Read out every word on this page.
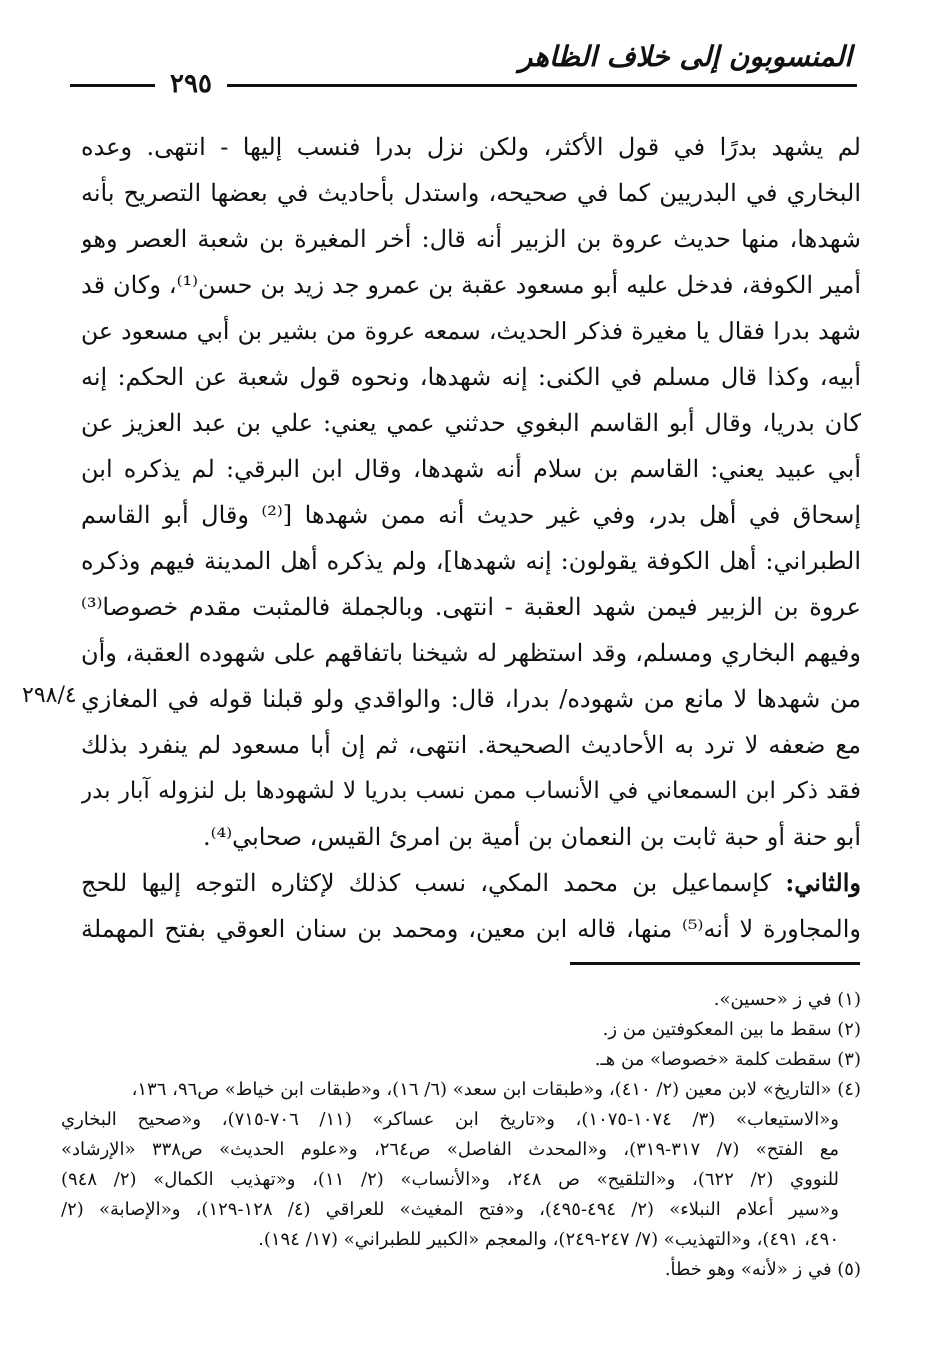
المنسوبون إلى خلاف الظاهر
٢٩٥
لم يشهد بدرًا في قول الأكثر، ولكن نزل بدرا فنسب إليها - انتهى. وعده
البخاري في البدريين كما في صحيحه، واستدل بأحاديث في بعضها التصريح بأنه
شهدها، منها حديث عروة بن الزبير أنه قال: أخر المغيرة بن شعبة العصر وهو
أمير الكوفة، فدخل عليه أبو مسعود عقبة بن عمرو جد زيد بن حسن⁽¹⁾، وكان قد
شهد بدرا فقال يا مغيرة فذكر الحديث، سمعه عروة من بشير بن أبي مسعود عن
أبيه، وكذا قال مسلم في الكنى: إنه شهدها، ونحوه قول شعبة عن الحكم: إنه
كان بدريا، وقال أبو القاسم البغوي حدثني عمي يعني: علي بن عبد العزيز عن
أبي عبيد يعني: القاسم بن سلام أنه شهدها، وقال ابن البرقي: لم يذكره ابن
إسحاق في أهل بدر، وفي غير حديث أنه ممن شهدها [⁽²⁾ وقال أبو القاسم
الطبراني: أهل الكوفة يقولون: إنه شهدها]، ولم يذكره أهل المدينة فيهم وذكره
عروة بن الزبير فيمن شهد العقبة - انتهى. وبالجملة فالمثبت مقدم خصوصا⁽³⁾
وفيهم البخاري ومسلم، وقد استظهر له شيخنا باتفاقهم على شهوده العقبة، وأن
من شهدها لا مانع من شهوده/ بدرا، قال: والواقدي ولو قبلنا قوله في المغازي
مع ضعفه لا ترد به الأحاديث الصحيحة. انتهى، ثم إن أبا مسعود لم ينفرد بذلك
فقد ذكر ابن السمعاني في الأنساب ممن نسب بدريا لا لشهودها بل لنزوله آبار بدر
أبو حنة أو حبة ثابت بن النعمان بن أمية بن امرئ القيس، صحابي⁽⁴⁾.
والثاني: كإسماعيل بن محمد المكي، نسب كذلك لإكثاره التوجه إليها للحج
والمجاورة لا أنه⁽⁵⁾ منها، قاله ابن معين، ومحمد بن سنان العوقي بفتح المهملة
٢٩٨/٤
(١) في ز «حسين».
(٢) سقط ما بين المعكوفتين من ز.
(٣) سقطت كلمة «خصوصا» من هـ.
(٤) «التاريخ» لابن معين (٢/ ٤١٠)، و«طبقات ابن سعد» (٦/ ١٦)، و«طبقات ابن خياط» ص٩٦، ١٣٦،
و«الاستيعاب» (٣/ ١٠٧٤-١٠٧٥)، و«تاريخ ابن عساكر» (١١/ ٧٠٦-٧١٥)، و«صحيح البخاري
مع الفتح» (٧/ ٣١٧-٣١٩)، و«المحدث الفاصل» ص٢٦٤، و«علوم الحديث» ص٣٣٨ «الإرشاد»
للنووي (٢/ ٦٢٢)، و«التلقيح» ص ٢٤٨، و«الأنساب» (٢/ ١١)، و«تهذيب الكمال» (٢/ ٩٤٨)
و«سير أعلام النبلاء» (٢/ ٤٩٤-٤٩٥)، و«فتح المغيث» للعراقي (٤/ ١٢٨-١٢٩)، و«الإصابة» (٢/
٤٩٠، ٤٩١)، و«التهذيب» (٧/ ٢٤٧-٢٤٩)، والمعجم «الكبير للطبراني» (١٧/ ١٩٤).
(٥) في ز «لأنه» وهو خطأ.
